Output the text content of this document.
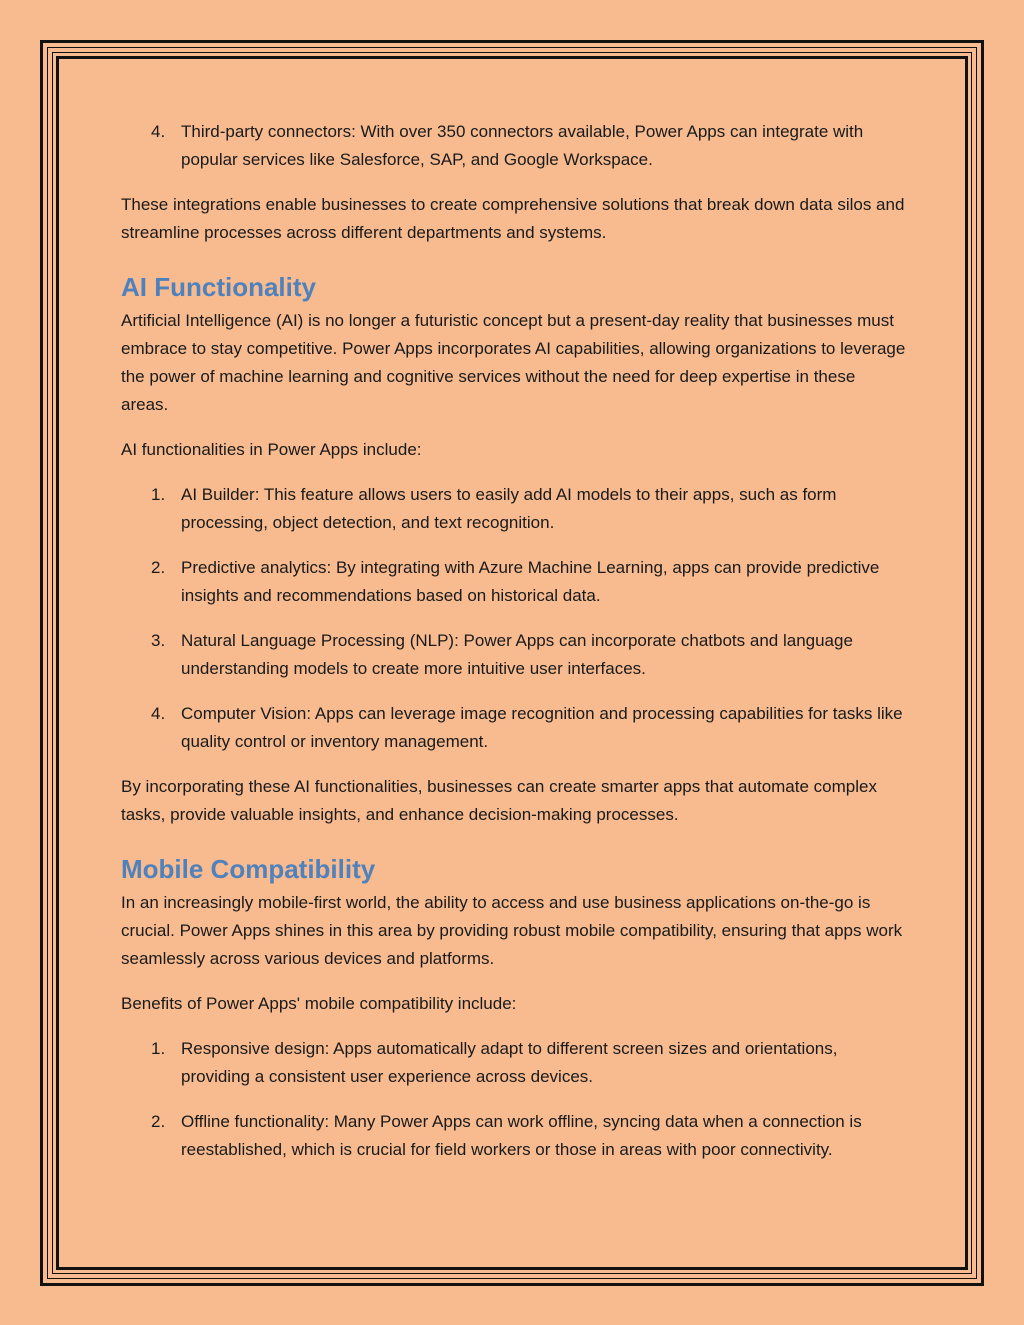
4. Third-party connectors: With over 350 connectors available, Power Apps can integrate with popular services like Salesforce, SAP, and Google Workspace.

These integrations enable businesses to create comprehensive solutions that break down data silos and streamline processes across different departments and systems.

AI Functionality

Artificial Intelligence (AI) is no longer a futuristic concept but a present-day reality that businesses must embrace to stay competitive. Power Apps incorporates AI capabilities, allowing organizations to leverage the power of machine learning and cognitive services without the need for deep expertise in these areas.

AI functionalities in Power Apps include:

1. AI Builder: This feature allows users to easily add AI models to their apps, such as form processing, object detection, and text recognition.
2. Predictive analytics: By integrating with Azure Machine Learning, apps can provide predictive insights and recommendations based on historical data.
3. Natural Language Processing (NLP): Power Apps can incorporate chatbots and language understanding models to create more intuitive user interfaces.
4. Computer Vision: Apps can leverage image recognition and processing capabilities for tasks like quality control or inventory management.

By incorporating these AI functionalities, businesses can create smarter apps that automate complex tasks, provide valuable insights, and enhance decision-making processes.

Mobile Compatibility

In an increasingly mobile-first world, the ability to access and use business applications on-the-go is crucial. Power Apps shines in this area by providing robust mobile compatibility, ensuring that apps work seamlessly across various devices and platforms.

Benefits of Power Apps' mobile compatibility include:

1. Responsive design: Apps automatically adapt to different screen sizes and orientations, providing a consistent user experience across devices.
2. Offline functionality: Many Power Apps can work offline, syncing data when a connection is reestablished, which is crucial for field workers or those in areas with poor connectivity.
